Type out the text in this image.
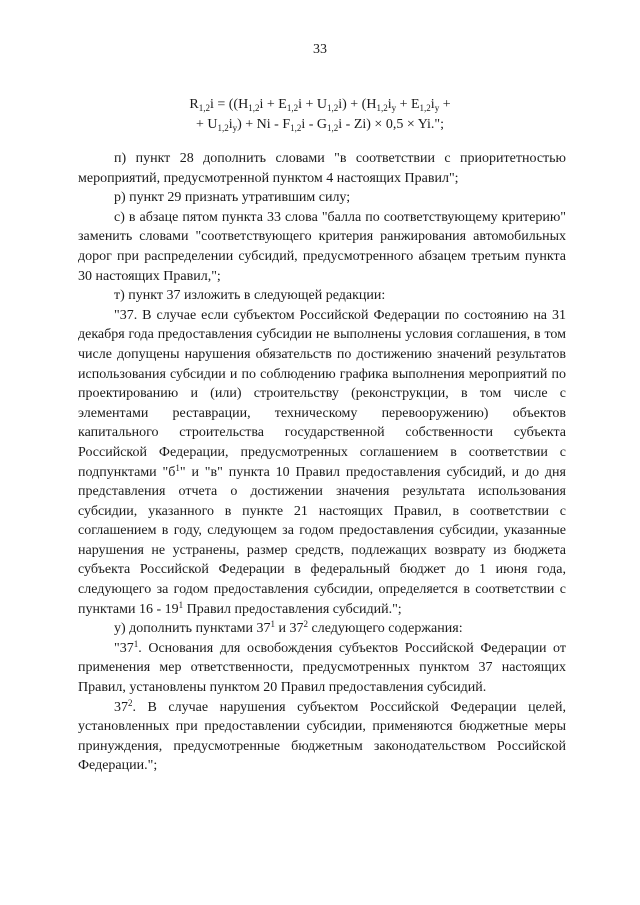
33
$R_{1,2}i = ((H_{1,2}i + E_{1,2}i + U_{1,2}i) + (H_{1,2}i_y + E_{1,2}i_y$ +
+ $U_{1,2}i_y) + Ni - F_{1,2}i - G_{1,2}i - Zi) \times 0,5 \times Yi$.";

п) пункт 28 дополнить словами "в соответствии с приоритетностью мероприятий, предусмотренной пунктом 4 настоящих Правил";

р) пункт 29 признать утратившим силу;

с) в абзаце пятом пункта 33 слова "балла по соответствующему критерию" заменить словами "соответствующего критерия ранжирования автомобильных дорог при распределении субсидий, предусмотренного абзацем третьим пункта 30 настоящих Правил,";

т) пункт 37 изложить в следующей редакции:

"37. В случае если субъектом Российской Федерации по состоянию на 31 декабря года предоставления субсидии не выполнены условия соглашения, в том числе допущены нарушения обязательств по достижению значений результатов использования субсидии и по соблюдению графика выполнения мероприятий по проектированию и (или) строительству (реконструкции, в том числе с элементами реставрации, техническому перевооружению) объектов капитального строительства государственной собственности субъекта Российской Федерации, предусмотренных соглашением в соответствии с подпунктами "$б^1$" и "в" пункта 10 Правил предоставления субсидий, и до дня представления отчета о достижении значения результата использования субсидии, указанного в пункте 21 настоящих Правил, в соответствии с соглашением в году, следующем за годом предоставления субсидии, указанные нарушения не устранены, размер средств, подлежащих возврату из бюджета субъекта Российской Федерации в федеральный бюджет до 1 июня года, следующего за годом предоставления субсидии, определяется в соответствии с пунктами $16 - 19^1$ Правил предоставления субсидий.";

у) дополнить пунктами $37^1$ и $37^2$ следующего содержания:

"$37^1$. Основания для освобождения субъектов Российской Федерации от применения мер ответственности, предусмотренных пунктом 37 настоящих Правил, установлены пунктом 20 Правил предоставления субсидий.

$37^2$. В случае нарушения субъектом Российской Федерации целей, установленных при предоставлении субсидии, применяются бюджетные меры принуждения, предусмотренные бюджетным законодательством Российской Федерации.";
